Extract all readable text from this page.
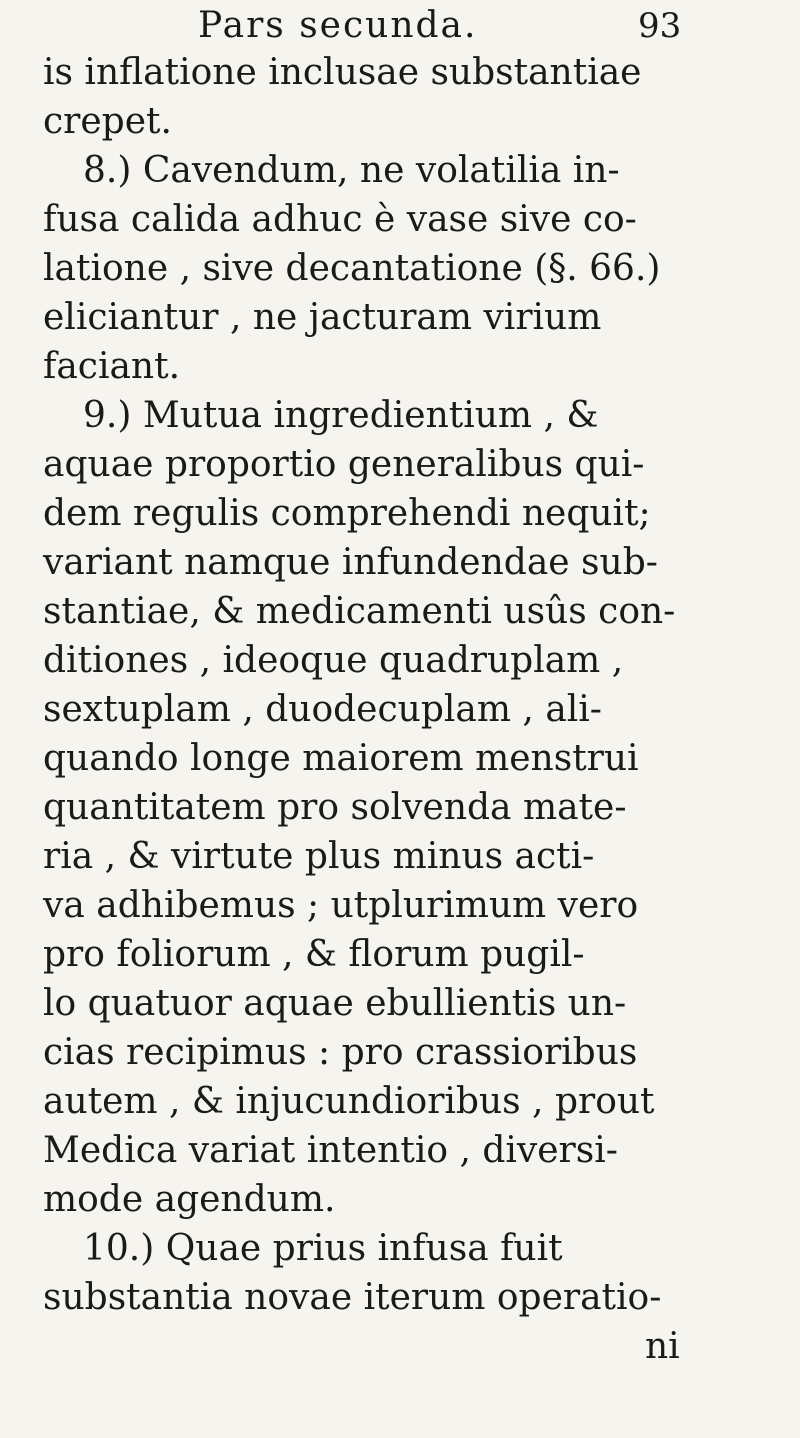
Pars secunda.	93
is inflatione inclusae substantiae
crepet.
8.) Cavendum, ne volatilia in-
fusa calida adhuc è vase sive co-
latione , sive decantatione (§. 66.)
eliciantur , ne jacturam virium
faciant.
9.) Mutua ingredientium , &
aquae proportio generalibus qui-
dem regulis comprehendi nequit;
variant namque infundendae sub-
stantiae, & medicamenti usûs con-
ditiones , ideoque quadruplam ,
sextuplam , duodecuplam , ali-
quando longe maiorem menstrui
quantitatem pro solvenda mate-
ria , & virtute plus minus acti-
va adhibemus ; utplurimum vero
pro foliorum , & florum pugil-
lo quatuor aquae ebullientis un-
cias recipimus : pro crassioribus
autem , & injucundioribus , prout
Medica variat intentio , diversi-
mode agendum.
10.) Quae prius infusa fuit
substantia novae iterum operatio-
ni
